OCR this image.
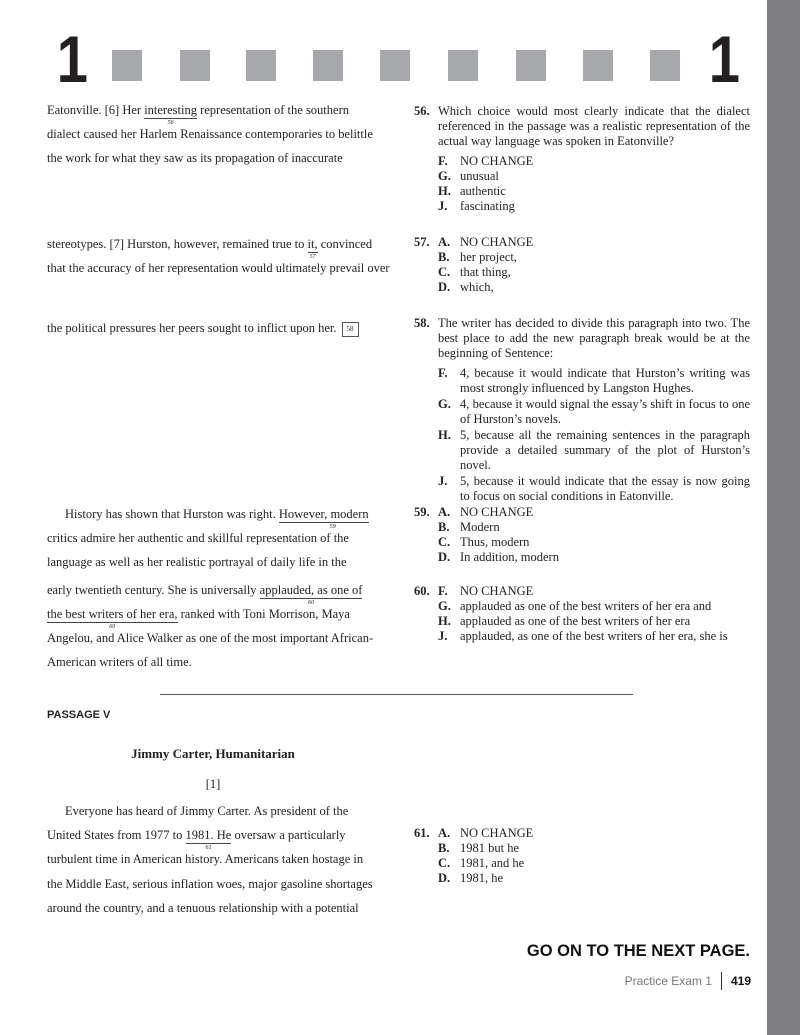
1	1
Eatonville. [6] Her interesting
56
representation of the southern
dialect caused her Harlem Renaissance contemporaries to belittle
the work for what they saw as its propagation of inaccurate
stereotypes. [7] Hurston, however, remained true to it,
57
convinced
that the accuracy of her representation would ultimately prevail over
the political pressures her peers sought to inflict upon her. 58
History has shown that Hurston was right. However, modern
59
critics admire her authentic and skillful representation of the
language as well as her realistic portrayal of daily life in the
early twentieth century. She is universally applauded, as one of
60
the best writers of her era,
60
ranked with Toni Morrison, Maya
Angelou, and Alice Walker as one of the most important African-
American writers of all time.
Everyone has heard of Jimmy Carter. As president of the
United States from 1977 to 1981. He
61
oversaw a particularly
turbulent time in American history. Americans taken hostage in
the Middle East, serious inflation woes, major gasoline shortages
around the country, and a tenuous relationship with a potential
56. Which choice would most clearly indicate that the dialect referenced in the passage was a realistic representation of the actual way language was spoken in Eatonville?
F. NO CHANGE
G. unusual
H. authentic
J. fascinating
57. A. NO CHANGE
B. her project,
C. that thing,
D. which,
58. The writer has decided to divide this paragraph into two. The best place to add the new paragraph break would be at the beginning of Sentence:
F. 4, because it would indicate that Hurston’s writing was most strongly influenced by Langston Hughes.
G. 4, because it would signal the essay’s shift in focus to one of Hurston’s novels.
H. 5, because all the remaining sentences in the paragraph provide a detailed summary of the plot of Hurston’s novel.
J. 5, because it would indicate that the essay is now going to focus on social conditions in Eatonville.
59. A. NO CHANGE
B. Modern
C. Thus, modern
D. In addition, modern
60. F. NO CHANGE
G. applauded as one of the best writers of her era and
H. applauded as one of the best writers of her era
J. applauded, as one of the best writers of her era, she is
61. A. NO CHANGE
B. 1981 but he
C. 1981, and he
D. 1981, he
PASSAGE V
Jimmy Carter, Humanitarian
[1]
GO ON TO THE NEXT PAGE.
Practice Exam 1 419
